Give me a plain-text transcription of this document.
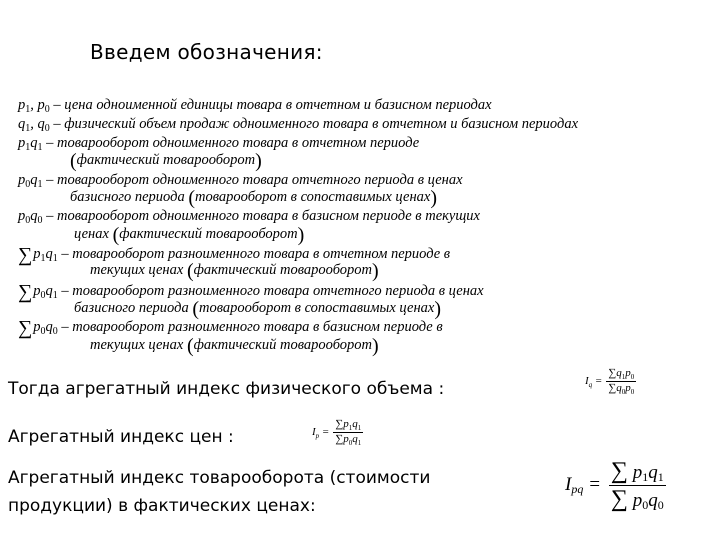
Введем обозначения:
$p_1$, $p_0$ – цена одноименной единицы товара в отчетном и базисном периодах
$q_1$, $q_0$ – физический объем продаж одноименного товара в отчетном и базисном периодах
$p_1q_1$ – товарооборот одноименного товара в отчетном периоде
(фактический товарооборот)
$p_0q_1$ – товарооборот одноименного товара отчетного периода в ценах
базисного периода (товарооборот в сопоставимых ценах)
$p_0q_0$ – товарооборот одноименного товара в базисном периоде в текущих
ценах (фактический товарооборот)
$\sum p_1q_1$ – товарооборот разноименного товара в отчетном периоде в
текущих ценах (фактический товарооборот)
$\sum p_0q_1$ – товарооборот разноименного товара отчетного периода в ценах
базисного периода (товарооборот в сопоставимых ценах)
$\sum p_0q_0$ – товарооборот разноименного товара в базисном периоде в
текущих ценах (фактический товарооборот)
Тогда агрегатный индекс физического объема :
Агрегатный индекс цен :
Агрегатный индекс товарооборота (стоимости
продукции) в фактических ценах:
$I_q = \frac{\sum q_1p_0}{\sum q_0p_0}$
$I_p = \frac{\sum p_1q_1}{\sum p_0q_1}$
$I_{pq} = \frac{\sum p_1q_1}{\sum p_0q_0}$
